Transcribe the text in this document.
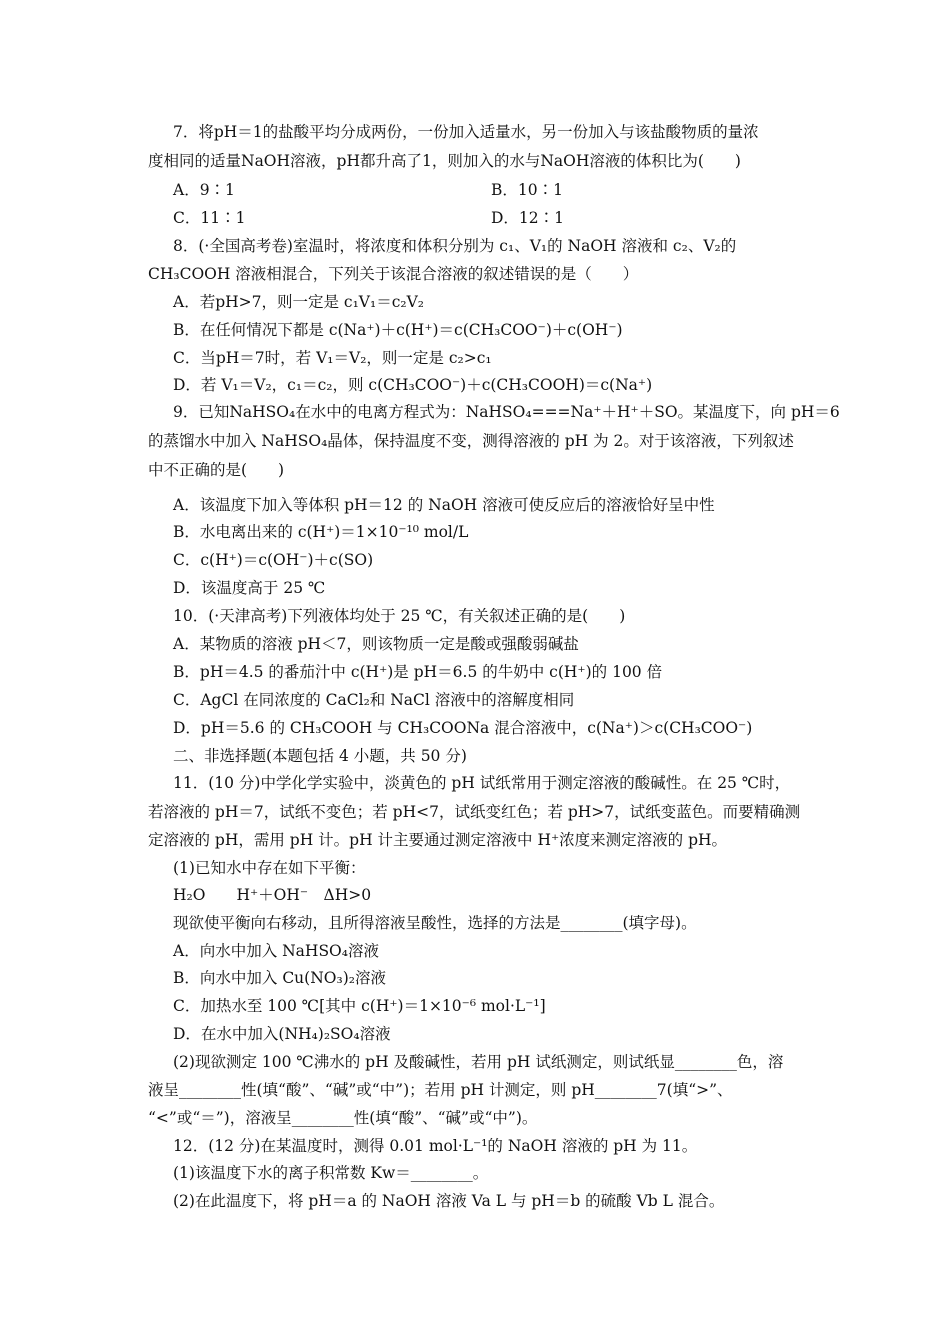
7．将pH＝1的盐酸平均分成两份，一份加入适量水，另一份加入与该盐酸物质的量浓
度相同的适量NaOH溶液，pH都升高了1，则加入的水与NaOH溶液的体积比为(　　)
A．9∶1	B．10∶1
C．11∶1	D．12∶1
8．(·全国高考卷)室温时，将浓度和体积分别为 c₁、V₁的 NaOH 溶液和 c₂、V₂的
CH₃COOH 溶液相混合，下列关于该混合溶液的叙述错误的是（　　）
A．若pH>7，则一定是 c₁V₁＝c₂V₂
B．在任何情况下都是 c(Na⁺)＋c(H⁺)＝c(CH₃COO⁻)＋c(OH⁻)
C．当pH＝7时，若 V₁＝V₂，则一定是 c₂>c₁
D．若 V₁＝V₂，c₁＝c₂，则 c(CH₃COO⁻)＋c(CH₃COOH)＝c(Na⁺)
9．已知NaHSO₄在水中的电离方程式为：NaHSO₄===Na⁺＋H⁺＋SO。某温度下，向 pH＝6
的蒸馏水中加入 NaHSO₄晶体，保持温度不变，测得溶液的 pH 为 2。对于该溶液，下列叙述
中不正确的是(　　)
A．该温度下加入等体积 pH＝12 的 NaOH 溶液可使反应后的溶液恰好呈中性
B．水电离出来的 c(H⁺)＝1×10⁻¹⁰ mol/L
C．c(H⁺)＝c(OH⁻)＋c(SO)
D．该温度高于 25 ℃
10．(·天津高考)下列液体均处于 25 ℃，有关叙述正确的是(　　)
A．某物质的溶液 pH＜7，则该物质一定是酸或强酸弱碱盐
B．pH＝4.5 的番茄汁中 c(H⁺)是 pH＝6.5 的牛奶中 c(H⁺)的 100 倍
C．AgCl 在同浓度的 CaCl₂和 NaCl 溶液中的溶解度相同
D．pH＝5.6 的 CH₃COOH 与 CH₃COONa 混合溶液中，c(Na⁺)＞c(CH₃COO⁻)
二、非选择题(本题包括 4 小题，共 50 分)
11．(10 分)中学化学实验中，淡黄色的 pH 试纸常用于测定溶液的酸碱性。在 25 ℃时，
若溶液的 pH＝7，试纸不变色；若 pH<7，试纸变红色；若 pH>7，试纸变蓝色。而要精确测
定溶液的 pH，需用 pH 计。pH 计主要通过测定溶液中 H⁺浓度来测定溶液的 pH。
(1)已知水中存在如下平衡：
H₂O　　H⁺＋OH⁻　ΔH>0
现欲使平衡向右移动，且所得溶液呈酸性，选择的方法是________(填字母)。
A．向水中加入 NaHSO₄溶液
B．向水中加入 Cu(NO₃)₂溶液
C．加热水至 100 ℃[其中 c(H⁺)＝1×10⁻⁶ mol·L⁻¹]
D．在水中加入(NH₄)₂SO₄溶液
(2)现欲测定 100 ℃沸水的 pH 及酸碱性，若用 pH 试纸测定，则试纸显________色，溶
液呈________性(填“酸”、“碱”或“中”)；若用 pH 计测定，则 pH________7(填“>”、
“<”或“＝”)，溶液呈________性(填“酸”、“碱”或“中”)。
12．(12 分)在某温度时，测得 0.01 mol·L⁻¹的 NaOH 溶液的 pH 为 11。
(1)该温度下水的离子积常数 Kw＝________。
(2)在此温度下，将 pH＝a 的 NaOH 溶液 Va L 与 pH＝b 的硫酸 Vb L 混合。
